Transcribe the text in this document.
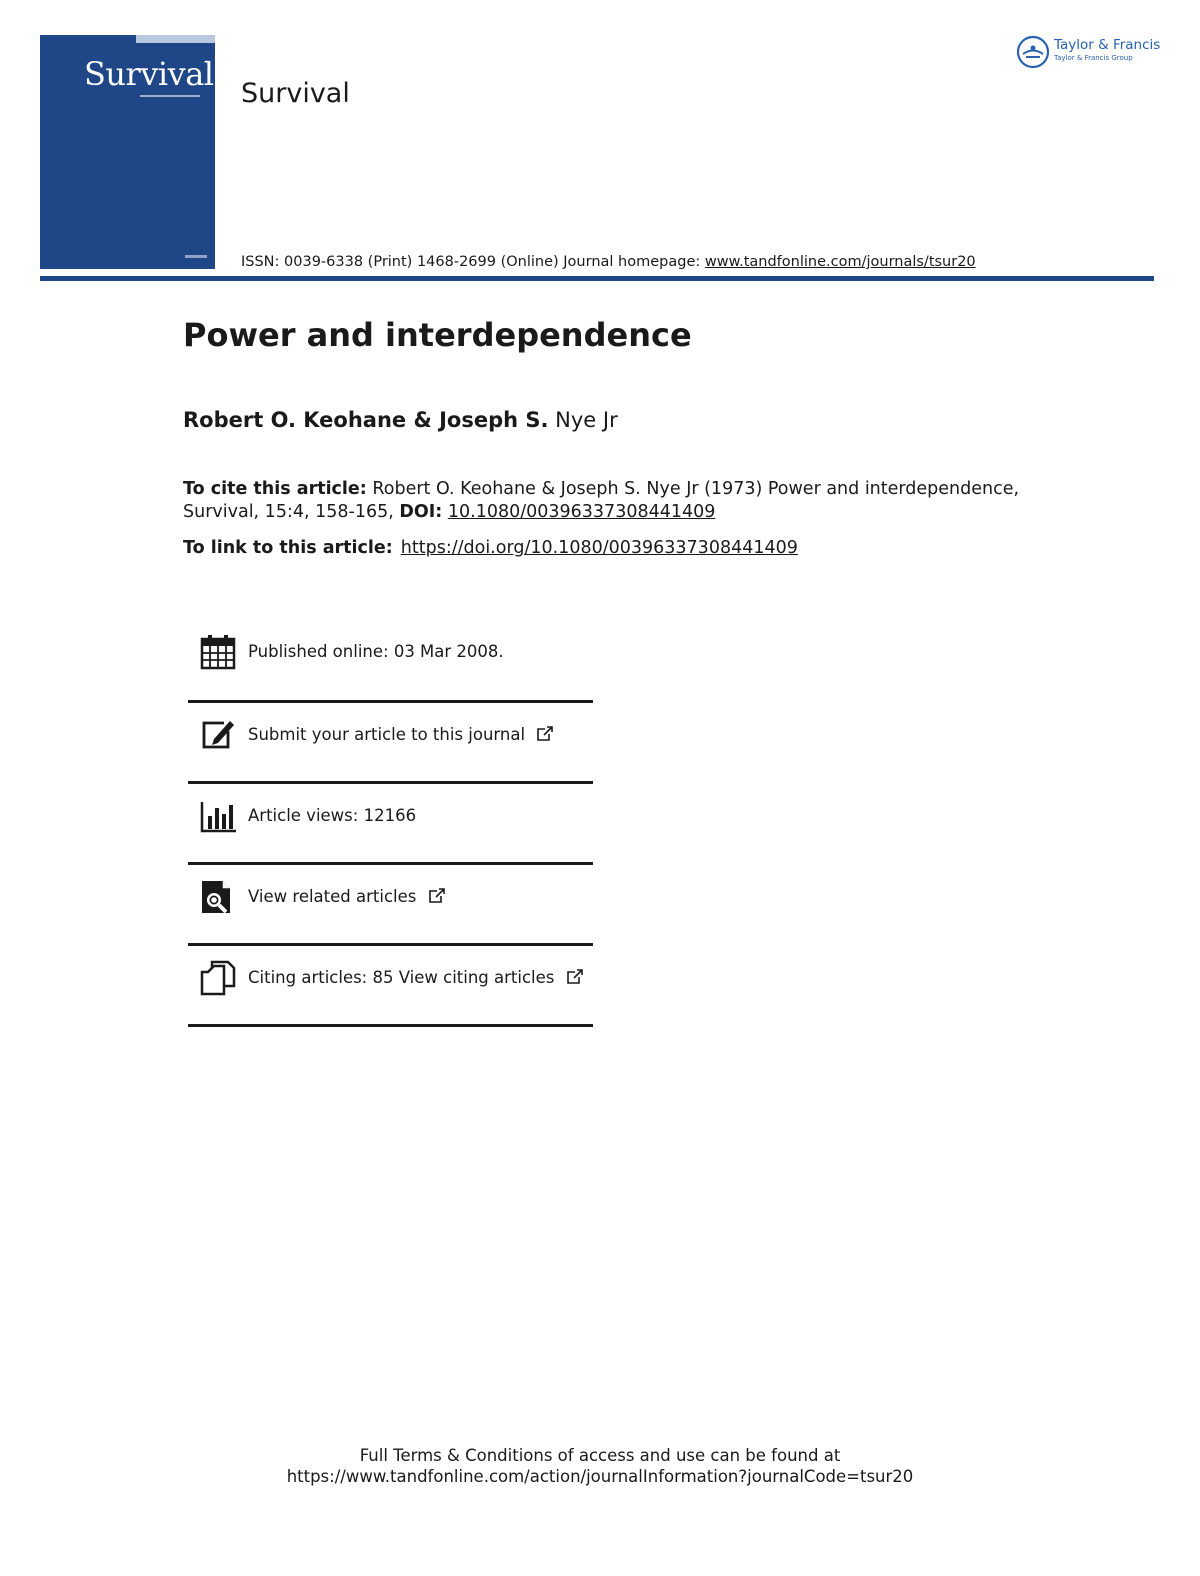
Survival
Survival
ISSN: 0039-6338 (Print) 1468-2699 (Online) Journal homepage: www.tandfonline.com/journals/tsur20
Taylor & Francis
Taylor & Francis Group
Power and interdependence
Robert O. Keohane & Joseph S. Nye Jr
To cite this article: Robert O. Keohane & Joseph S. Nye Jr (1973) Power and interdependence, Survival, 15:4, 158-165, DOI: 10.1080/00396337308441409
To link to this article: https://doi.org/10.1080/00396337308441409
Published online: 03 Mar 2008.
Submit your article to this journal
Article views: 12166
View related articles
Citing articles: 85 View citing articles
Full Terms & Conditions of access and use can be found at
https://www.tandfonline.com/action/journalInformation?journalCode=tsur20
